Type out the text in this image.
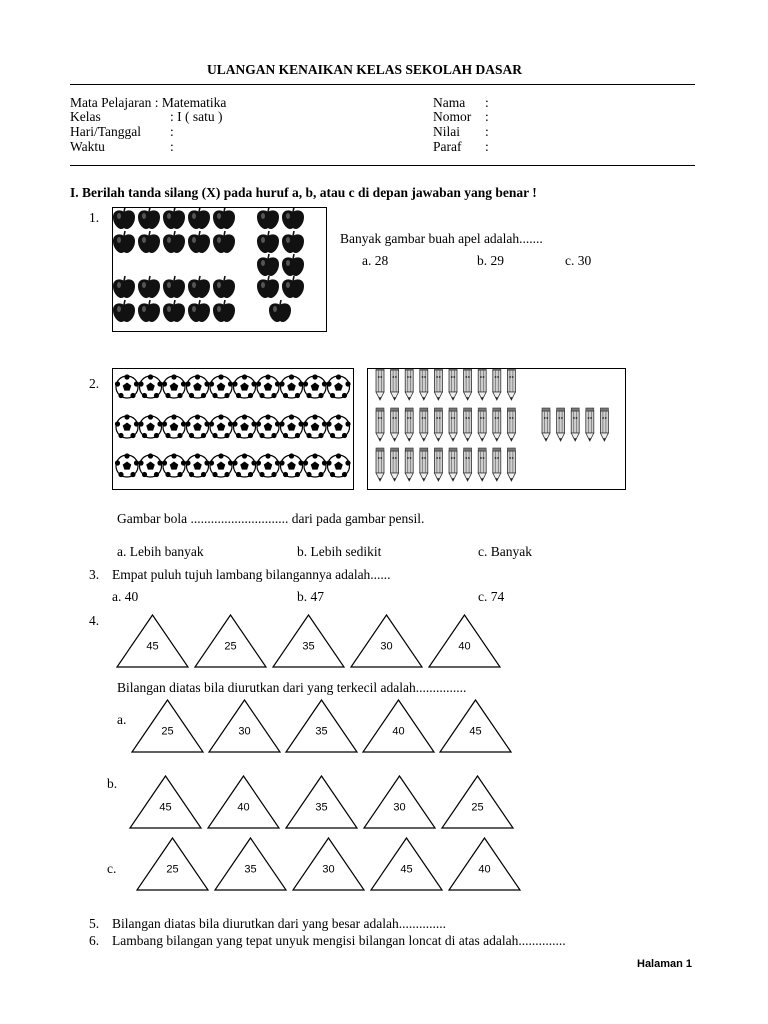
ULANGAN KENAIKAN KELAS SEKOLAH DASAR
Mata Pelajaran : Matematika
Kelas	: I ( satu )
Hari/Tanggal :
Waktu	:
Nama :
Nomor :
Nilai :
Paraf :
I. Berilah tanda silang (X) pada huruf a, b, atau c di depan jawaban yang benar !
1.
Banyak gambar buah apel adalah.......
a. 28	b. 29	c. 30
2.
Gambar bola ............................. dari pada gambar pensil.
a. Lebih banyak	b. Lebih sedikit	c. Banyak
3. Empat puluh tujuh lambang bilangannya adalah......
a. 40	b. 47	c. 74
4.
45	25	35	30	40
Bilangan diatas bila diurutkan dari yang terkecil adalah...............
a.
25	30	35	40	45
b.
45	40	35	30	25
c.	25	35	30	45	40
5. Bilangan diatas bila diurutkan dari yang besar adalah..............
6. Lambang bilangan yang tepat unyuk mengisi bilangan loncat di atas adalah..............
Halaman 1
